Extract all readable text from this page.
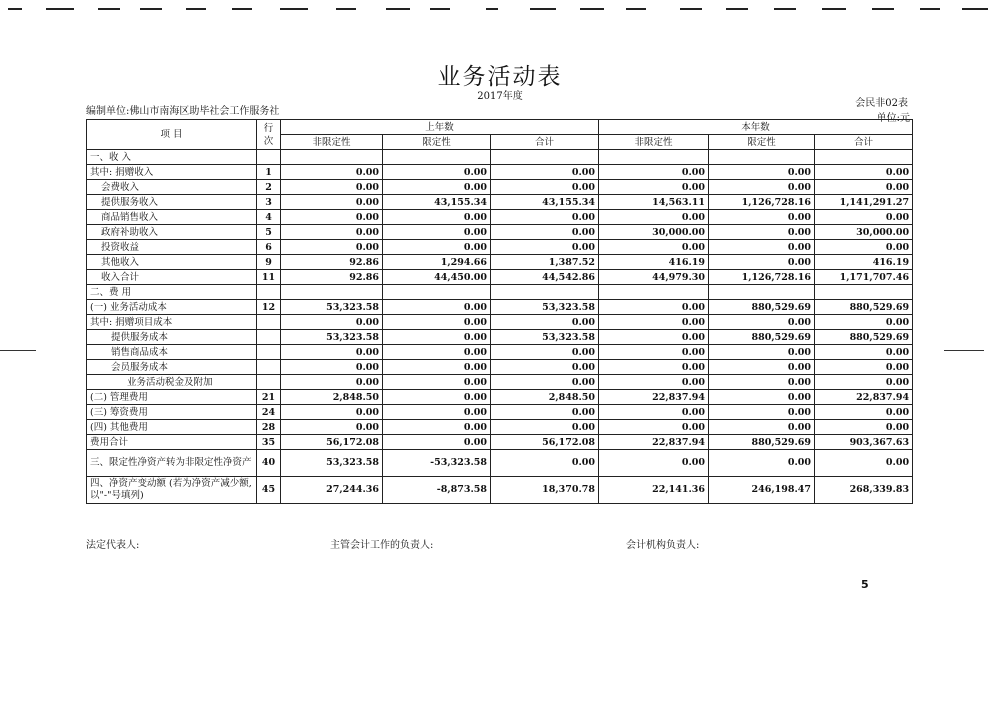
业务活动表
2017年度
会民非02表
单位:元
编制单位:佛山市南海区助毕社会工作服务社
项 目	行次	上年数			本年数		
		非限定性	限定性	合计	非限定性	限定性	合计
一、收 入							
其中: 捐赠收入	1	0.00	0.00	0.00	0.00	0.00	0.00
会费收入	2	0.00	0.00	0.00	0.00	0.00	0.00
提供服务收入	3	0.00	43,155.34	43,155.34	14,563.11	1,126,728.16	1,141,291.27
商品销售收入	4	0.00	0.00	0.00	0.00	0.00	0.00
政府补助收入	5	0.00	0.00	0.00	30,000.00	0.00	30,000.00
投资收益	6	0.00	0.00	0.00	0.00	0.00	0.00
其他收入	9	92.86	1,294.66	1,387.52	416.19	0.00	416.19
收入合计	11	92.86	44,450.00	44,542.86	44,979.30	1,126,728.16	1,171,707.46
二、费 用							
(一) 业务活动成本	12	53,323.58	0.00	53,323.58	0.00	880,529.69	880,529.69
其中: 捐赠项目成本		0.00	0.00	0.00	0.00	0.00	0.00
提供服务成本		53,323.58	0.00	53,323.58	0.00	880,529.69	880,529.69
销售商品成本		0.00	0.00	0.00	0.00	0.00	0.00
会员服务成本		0.00	0.00	0.00	0.00	0.00	0.00
业务活动税金及附加		0.00	0.00	0.00	0.00	0.00	0.00
(二) 管理费用	21	2,848.50	0.00	2,848.50	22,837.94	0.00	22,837.94
(三) 筹资费用	24	0.00	0.00	0.00	0.00	0.00	0.00
(四) 其他费用	28	0.00	0.00	0.00	0.00	0.00	0.00
费用合计	35	56,172.08	0.00	56,172.08	22,837.94	880,529.69	903,367.63
三、限定性净资产转为非限定性净资产	40	53,323.58	-53,323.58	0.00	0.00	0.00	0.00
四、净资产变动额 (若为净资产减少额, 以"-"号填列)	45	27,244.36	-8,873.58	18,370.78	22,141.36	246,198.47	268,339.83
法定代表人:	主管会计工作的负责人:	会计机构负责人:
5
